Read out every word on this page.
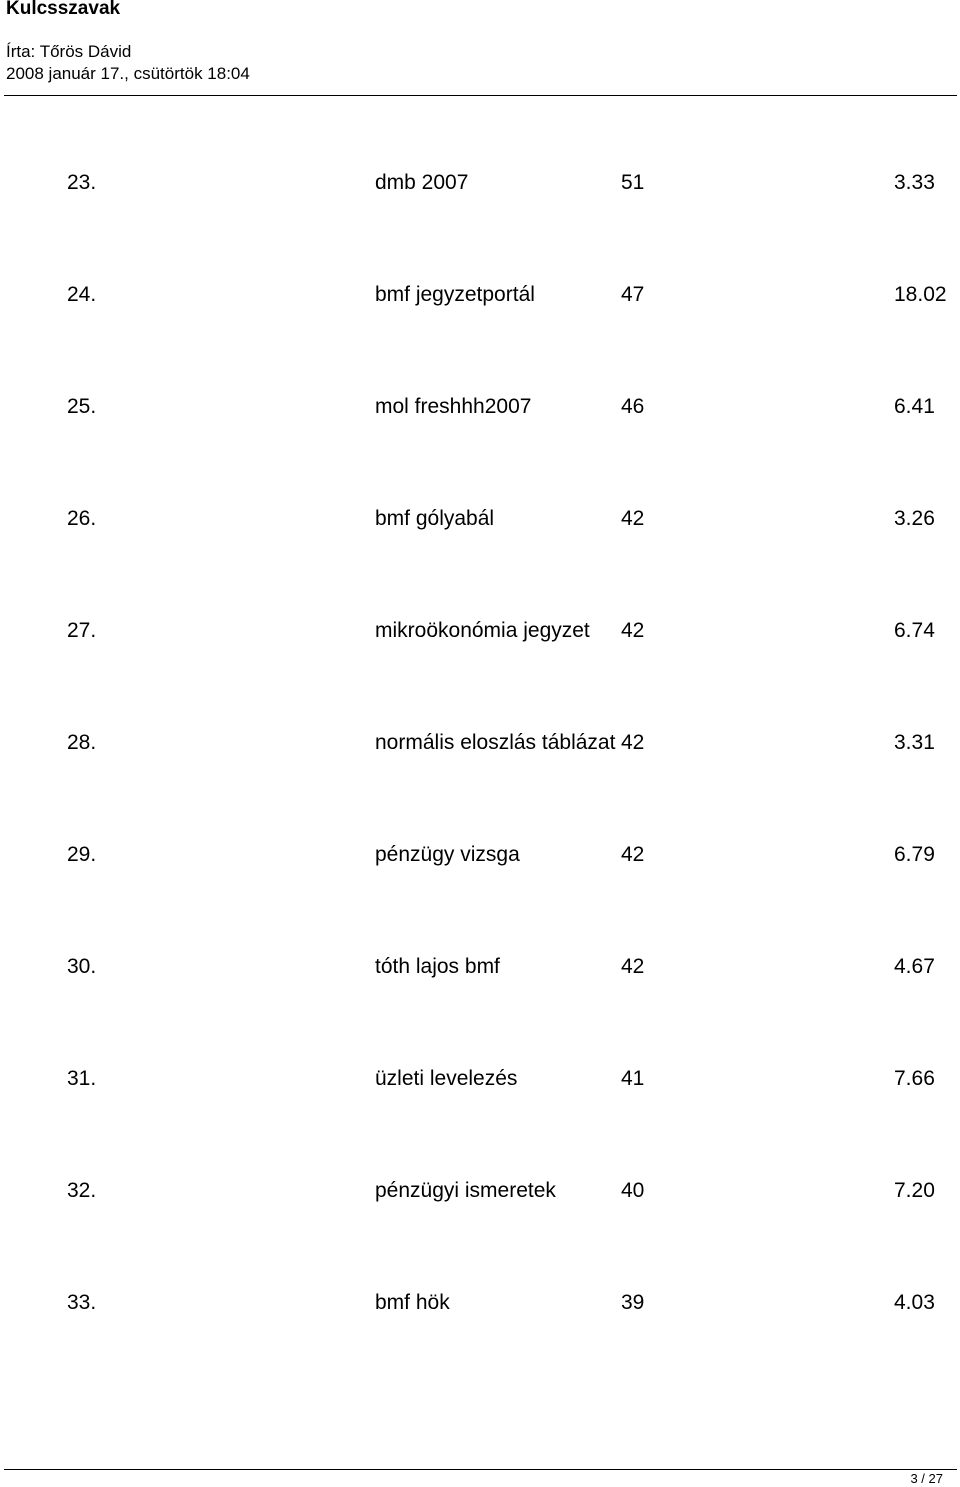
Kulcsszavak
Írta: Tőrös Dávid
2008 január 17., csütörtök 18:04
23.	dmb 2007	51	3.33
24.	bmf jegyzetportál	47	18.02
25.	mol freshhh2007	46	6.41
26.	bmf gólyabál	42	3.26
27.	mikroökonómia jegyzet 42	6.74
28.	normális eloszlás táblázat 42	3.31
29.	pénzügy vizsga	42	6.79
30.	tóth lajos bmf	42	4.67
31.	üzleti levelezés	41	7.66
32.	pénzügyi ismeretek	40	7.20
33.	bmf hök	39	4.03
3 / 27
